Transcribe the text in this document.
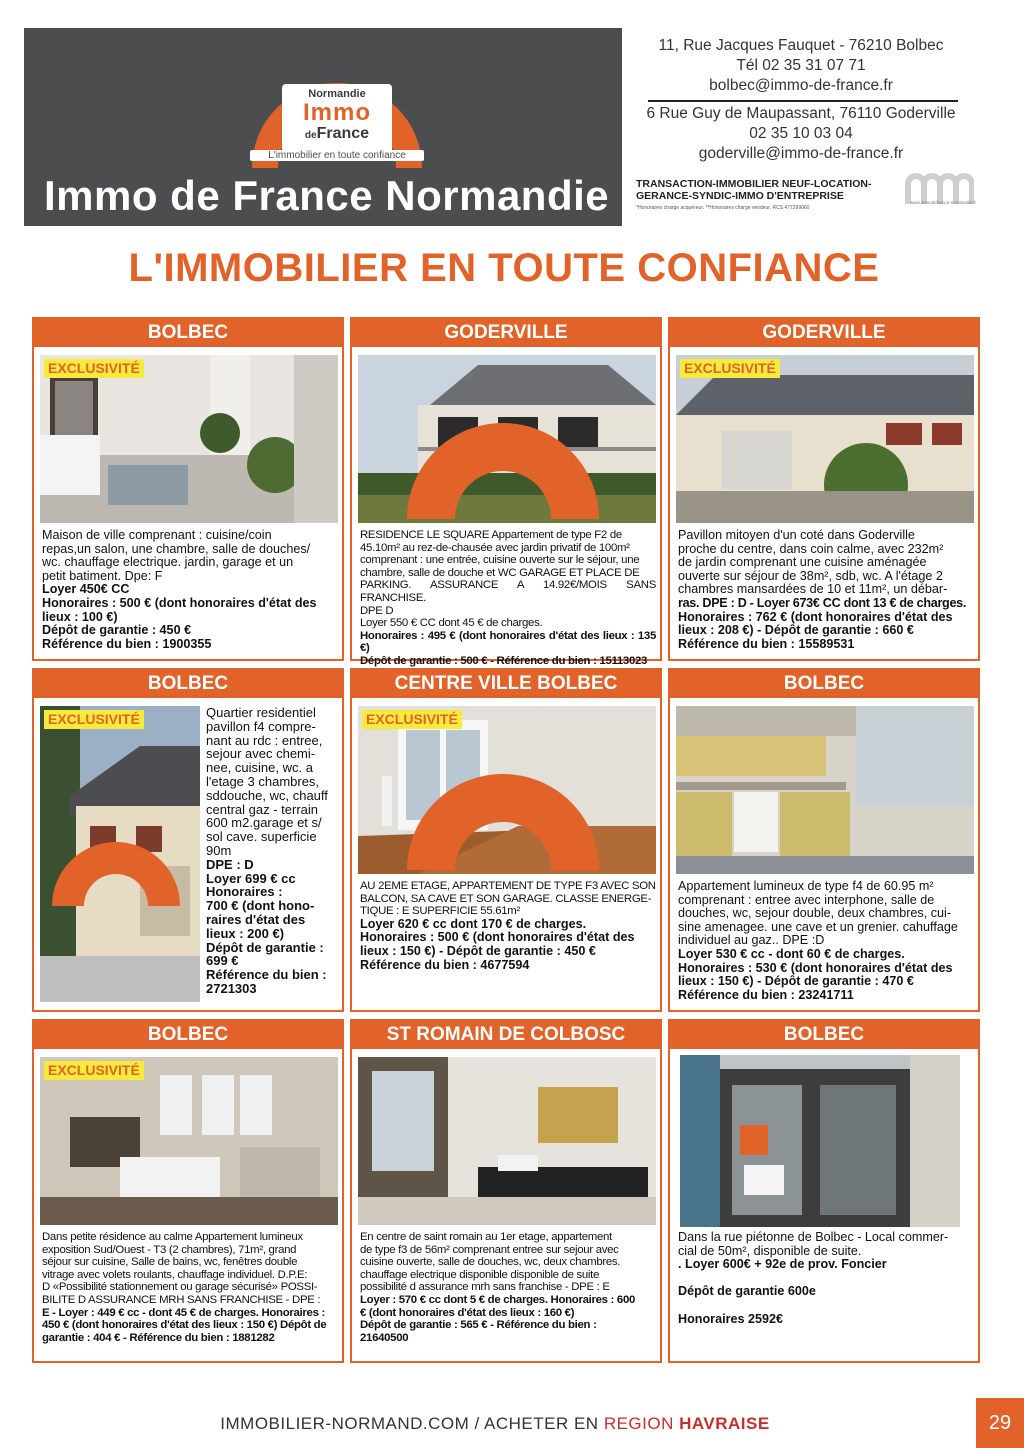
Normandie
Immo
deFrance
L'immobilier en toute confiance
Immo de France Normandie
11, Rue Jacques Fauquet - 76210 Bolbec
Tél 02 35 31 07 71
bolbec@immo-de-france.fr
6 Rue Guy de Maupassant, 76110 Goderville
02 35 10 03 04
goderville@immo-de-france.fr
TRANSACTION-IMMOBILIER NEUF-LOCATION-
GERANCE-SYNDIC-IMMO D'ENTREPRISE
*Honoraires charge acquéreur. **Honoraires charge vendeur. RCS 477299060
www.immodefrance-normandie.fr
L'IMMOBILIER EN TOUTE CONFIANCE
BOLBEC
EXCLUSIVITÉ
Maison de ville comprenant : cuisine/coin
repas,un salon, une chambre, salle de douches/
wc. chauffage electrique. jardin, garage et un
petit batiment. Dpe: F
Loyer 450€ CC
Honoraires : 500 € (dont honoraires d'état des
lieux : 100 €)
Dépôt de garantie : 450 €
Référence du bien : 1900355
GODERVILLE
RESIDENCE LE SQUARE Appartement de type F2 de
45.10m² au rez-de-chausée avec jardin privatif de 100m²
comprenant : une entrée, cuisine ouverte sur le séjour, une
chambre, salle de douche et WC GARAGE ET PLACE DE
PARKING. ASSURANCE A 14.92€/MOIS SANS FRANCHISE.
DPE D
Loyer 550 € CC dont 45 € de charges.
Honoraires : 495 € (dont honoraires d'état des lieux : 135 €)
Dépôt de garantie : 500 € - Référence du bien : 15113023
GODERVILLE
EXCLUSIVITÉ
Pavillon mitoyen d'un coté dans Goderville
proche du centre, dans coin calme, avec 232m²
de jardin comprenant une cuisine aménagée
ouverte sur séjour de 38m², sdb, wc. A l'étage 2
chambres mansardées de 10 et 11m², un débar-
ras. DPE : D - Loyer 673€ CC dont 13 € de charges.
Honoraires : 762 € (dont honoraires d'état des
lieux : 208 €) - Dépôt de garantie : 660 €
Référence du bien : 15589531
BOLBEC
EXCLUSIVITÉ	Quartier residentiel
pavillon f4 compre-
nant au rdc : entree,
sejour avec chemi-
nee, cuisine, wc. a
l'etage 3 chambres,
sddouche, wc, chauff
central gaz - terrain
600 m2.garage et s/
sol cave. superficie
90m
DPE : D
Loyer 699 € cc
Honoraires :
700 € (dont hono-
raires d'état des
lieux : 200 €)
Dépôt de garantie :
699 €
Référence du bien :
2721303
CENTRE VILLE BOLBEC
EXCLUSIVITÉ
AU 2EME ETAGE, APPARTEMENT DE TYPE F3 AVEC SON
BALCON, SA CAVE ET SON GARAGE. CLASSE ENERGE-
TIQUE : E SUPERFICIE 55.61m²
Loyer 620 € cc dont 170 € de charges.
Honoraires : 500 € (dont honoraires d'état des
lieux : 150 €) - Dépôt de garantie : 450 €
Référence du bien : 4677594
BOLBEC
Appartement lumineux de type f4 de 60.95 m²
comprenant : entree avec interphone, salle de
douches, wc, sejour double, deux chambres, cui-
sine amenagee. une cave et un grenier. cahuffage
individuel au gaz.. DPE :D
Loyer 530 € cc - dont 60 € de charges.
Honoraires : 530 € (dont honoraires d'état des
lieux : 150 €) - Dépôt de garantie : 470 €
Référence du bien : 23241711
BOLBEC
EXCLUSIVITÉ
Dans petite résidence au calme Appartement lumineux
exposition Sud/Ouest - T3 (2 chambres), 71m², grand
séjour sur cuisine, Salle de bains, wc, fenêtres double
vitrage avec volets roulants, chauffage individuel. D.P.E:
D «Possibilité stationnement ou garage sécurisé» POSSI-
BILITE D ASSURANCE MRH SANS FRANCHISE - DPE :
E - Loyer : 449 € cc - dont 45 € de charges. Honoraires :
450 € (dont honoraires d'état des lieux : 150 €) Dépôt de
garantie : 404 € - Référence du bien : 1881282
ST ROMAIN DE COLBOSC
En centre de saint romain au 1er etage, appartement
de type f3 de 56m² comprenant entree sur sejour avec
cuisine ouverte, salle de douches, wc, deux chambres.
chauffage electrique disponible disponible de suite
possibilité d assurance mrh sans franchise - DPE : E
Loyer : 570 € cc dont 5 € de charges. Honoraires : 600
€ (dont honoraires d'état des lieux : 160 €)
Dépôt de garantie : 565 € - Référence du bien :
21640500
BOLBEC
Dans la rue piétonne de Bolbec - Local commer-
cial de 50m², disponible de suite.
. Loyer 600€ + 92e de prov. Foncier
Dépôt de garantie 600e
Honoraires 2592€
IMMOBILIER-NORMAND.COM / ACHETER EN REGION HAVRAISE	29
